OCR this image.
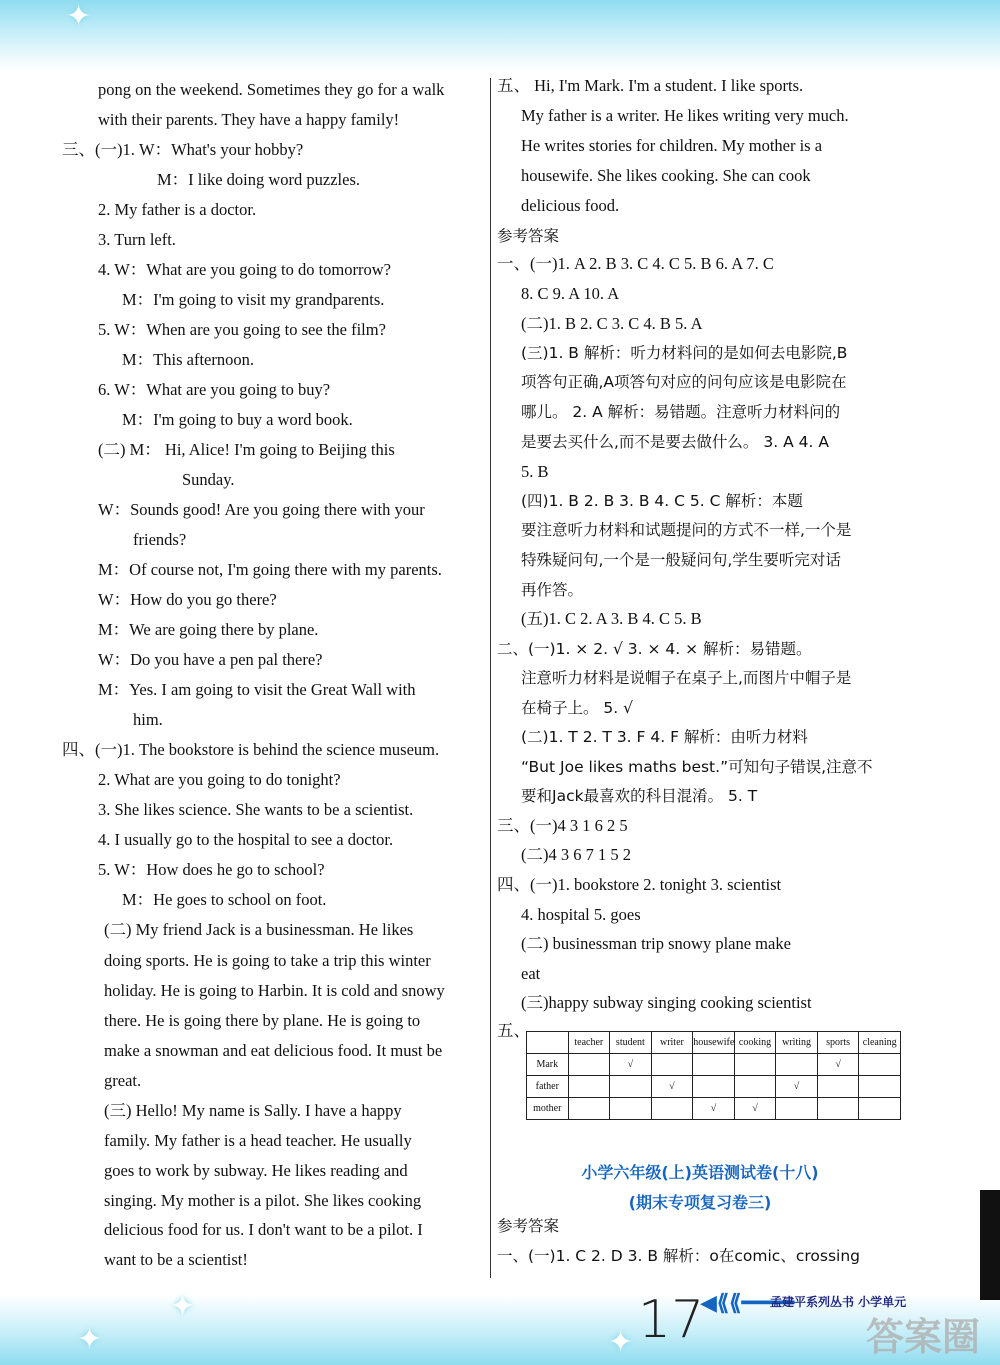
✦
✦
✦	✦
pong on the weekend. Sometimes they go for a walk
with their parents. They have a happy family!
三、(一)1. W：What's your hobby?
M：I like doing word puzzles.
2. My father is a doctor.
3. Turn left.
4. W：What are you going to do tomorrow?
M：I'm going to visit my grandparents.
5. W：When are you going to see the film?
M：This afternoon.
6. W：What are you going to buy?
M：I'm going to buy a word book.
(二) M： Hi, Alice! I'm going to Beijing this
Sunday.
W：Sounds good! Are you going there with your
friends?
M：Of course not, I'm going there with my parents.
W：How do you go there?
M：We are going there by plane.
W：Do you have a pen pal there?
M：Yes. I am going to visit the Great Wall with
him.
四、(一)1. The bookstore is behind the science museum.
2. What are you going to do tonight?
3. She likes science. She wants to be a scientist.
4. I usually go to the hospital to see a doctor.
5. W：How does he go to school?
M：He goes to school on foot.
(二) My friend Jack is a businessman. He likes
doing sports. He is going to take a trip this winter
holiday. He is going to Harbin. It is cold and snowy
there. He is going there by plane. He is going to
make a snowman and eat delicious food. It must be
great.
(三) Hello! My name is Sally. I have a happy
family. My father is a head teacher. He usually
goes to work by subway. He likes reading and
singing. My mother is a pilot. She likes cooking
delicious food for us. I don't want to be a pilot. I
want to be a scientist!
五、 Hi, I'm Mark. I'm a student. I like sports.
My father is a writer. He likes writing very much.
He writes stories for children. My mother is a
housewife. She likes cooking. She can cook
delicious food.
参考答案
一、(一)1. A 2. B 3. C 4. C 5. B 6. A 7. C
8. C 9. A 10. A
(二)1. B 2. C 3. C 4. B 5. A
(三)1. B 解析：听力材料问的是如何去电影院,B
项答句正确,A项答句对应的问句应该是电影院在
哪儿。 2. A 解析：易错题。注意听力材料问的
是要去买什么,而不是要去做什么。 3. A 4. A
5. B
(四)1. B 2. B 3. B 4. C 5. C 解析：本题
要注意听力材料和试题提问的方式不一样,一个是
特殊疑问句,一个是一般疑问句,学生要听完对话
再作答。
(五)1. C 2. A 3. B 4. C 5. B
二、(一)1. × 2. √ 3. × 4. × 解析：易错题。
注意听力材料是说帽子在桌子上,而图片中帽子是
在椅子上。 5. √
(二)1. T 2. T 3. F 4. F 解析：由听力材料
“But Joe likes maths best.”可知句子错误,注意不
要和Jack最喜欢的科目混淆。 5. T
三、(一)4 3 1 6 2 5
(二)4 3 6 7 1 5 2
四、(一)1. bookstore 2. tonight 3. scientist
4. hospital 5. goes
(二) businessman trip snowy plane make
eat
(三)happy subway singing cooking scientist
五、
参考答案
一、(一)1. C 2. D 3. B 解析：o在comic、crossing
	teacher	student	writer	housewife	cooking	writing	sports	cleaning
Mark		√					√	
father			√			√		
mother				√	√			
小学六年级(上)英语测试卷(十八)
(期末专项复习卷三)
17
◀⟪⟪━━━━
孟建平系列丛书 小学单元
答案圈
